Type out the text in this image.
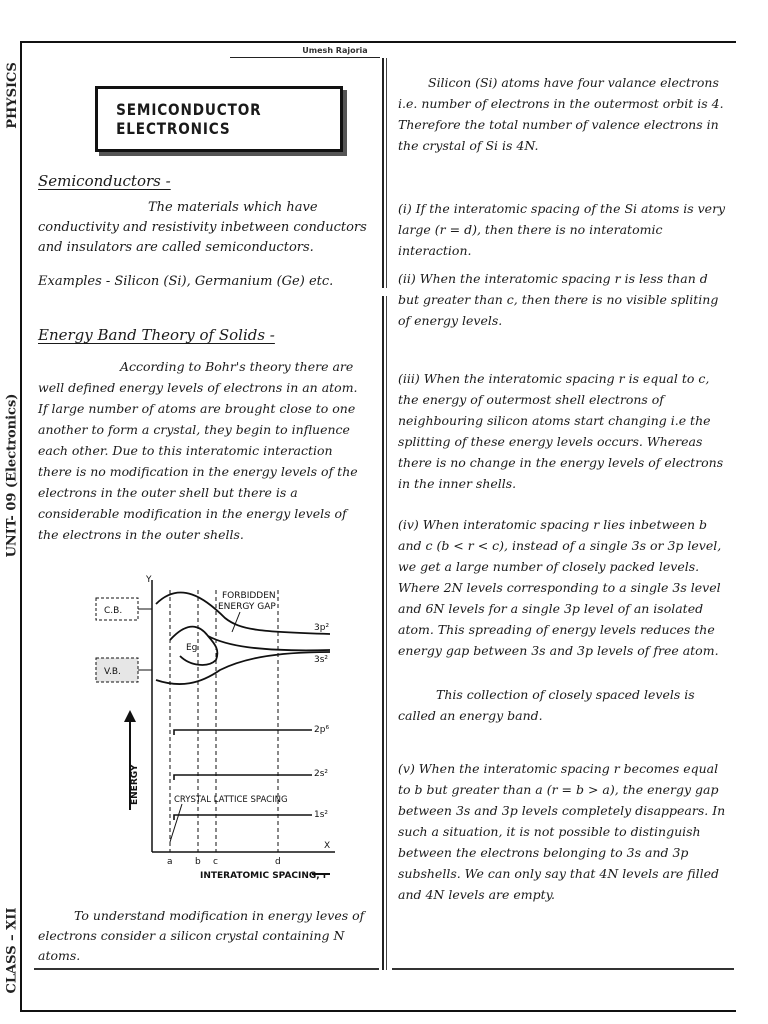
PHYSICS
UNIT- 09 (Electronics)
CLASS – XII
Umesh Rajoria
SEMICONDUCTOR ELECTRONICS
Semiconductors -
The materials which have conductivity and resistivity inbetween conductors and insulators are called semiconductors.
Examples - Silicon (Si), Germanium (Ge) etc.
Energy Band Theory of Solids -
According to Bohr's theory there are well defined energy levels of electrons in an atom. If large number of atoms are brought close to one another to form a crystal, they begin to influence each other. Due to this interatomic interaction there is no modification in the energy levels of the electrons in the outer shell but there is a considerable modification in the energy levels of the electrons in the outer shells.
Y
X
a b c	d
C.B.
V.B.
Eg
FORBIDDEN
ENERGY GAP
3p²
3s²
2p⁶
2s²
1s²
ENERGY	CRYSTAL LATTICE SPACING
INTERATOMIC SPACING, r
To understand modification in energy leves of electrons consider a silicon crystal containing N atoms.
Silicon (Si) atoms have four valance electrons i.e. number of electrons in the outermost orbit is 4. Therefore the total number of valence electrons in the crystal of Si is 4N.
(i) If the interatomic spacing of the Si atoms is very large (r = d), then there is no interatomic interaction.
(ii) When the interatomic spacing r is less than d but greater than c, then there is no visible spliting of energy levels.
(iii) When the interatomic spacing r is equal to c, the energy of outermost shell electrons of neighbouring silicon atoms start changing i.e the splitting of these energy levels occurs. Whereas there is no change in the energy levels of electrons in the inner shells.
(iv) When interatomic spacing r lies inbetween b and c (b < r < c), instead of a single 3s or 3p level, we get a large number of closely packed levels. Where 2N levels corresponding to a single 3s level and 6N levels for a single 3p level of an isolated atom. This spreading of energy levels reduces the energy gap between 3s and 3p levels of free atom.
This collection of closely spaced levels is called an energy band.
(v) When the interatomic spacing r becomes equal to b but greater than a (r = b > a), the energy gap between 3s and 3p levels completely disappears. In such a situation, it is not possible to distinguish between the electrons belonging to 3s and 3p subshells. We can only say that 4N levels are filled and 4N levels are empty.
